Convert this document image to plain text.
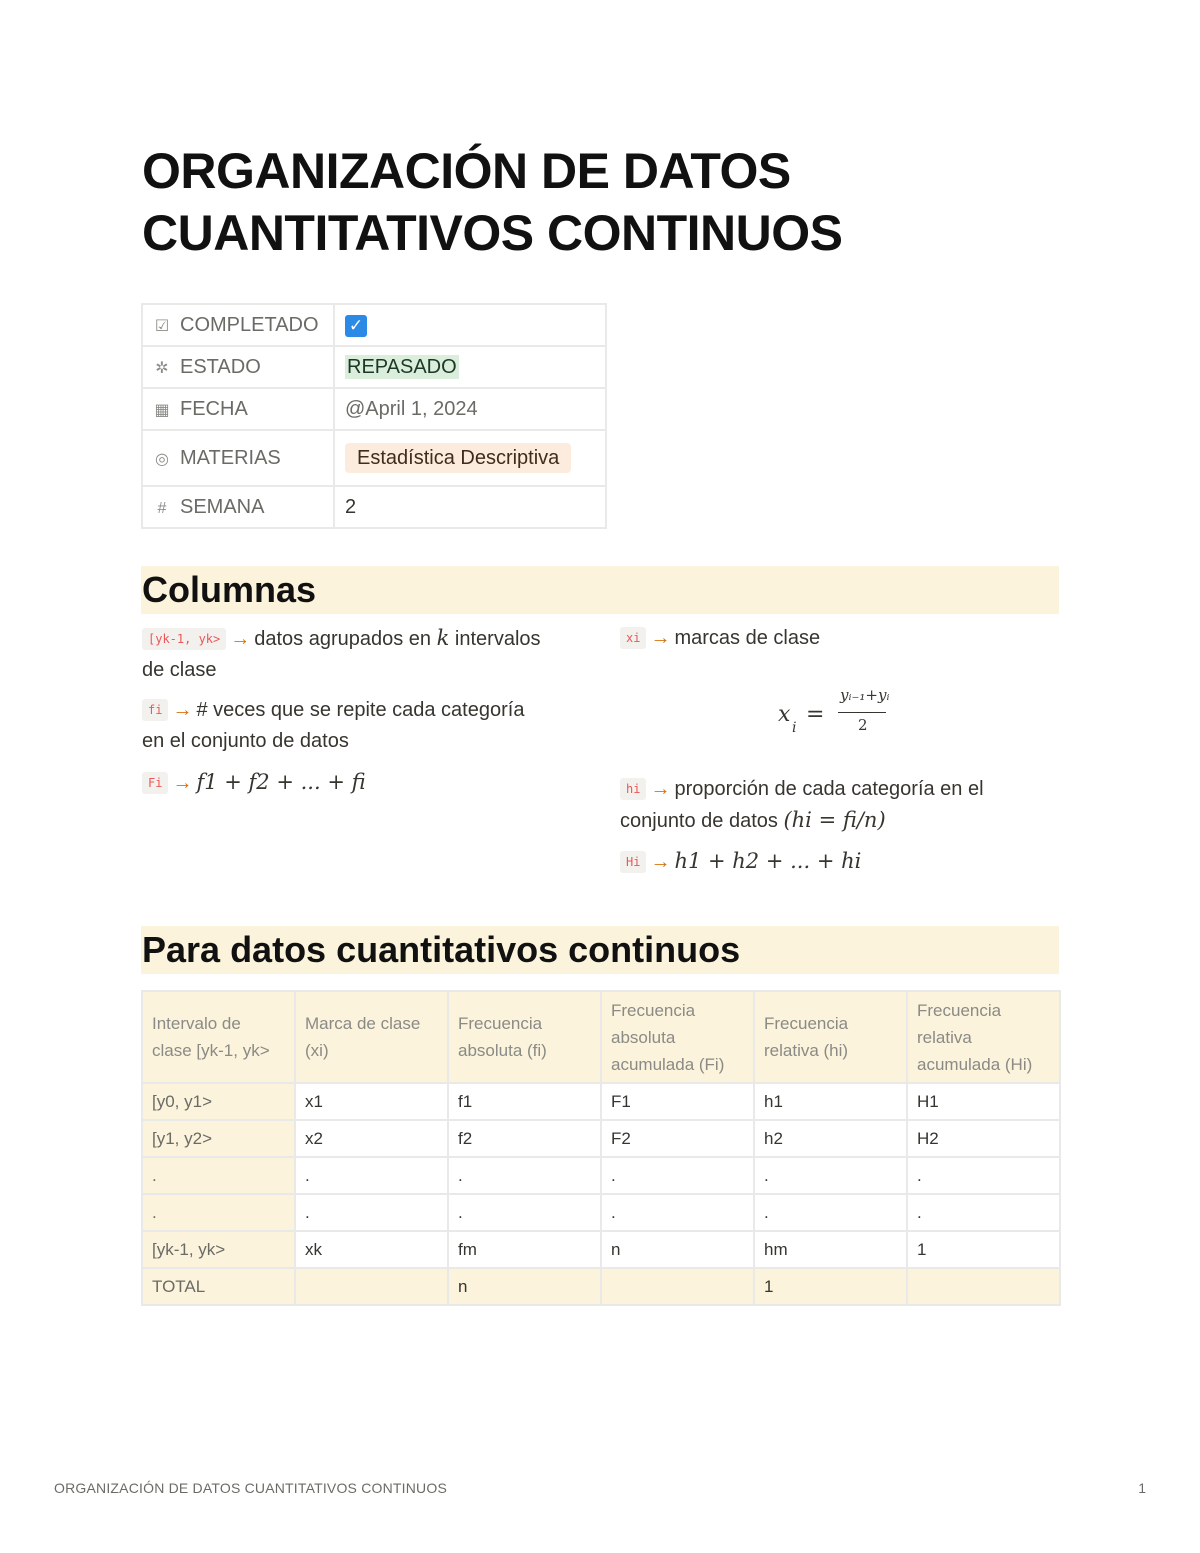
ORGANIZACIÓN DE DATOS
CUANTITATIVOS CONTINUOS
☑ COMPLETADO	✓
✲ ESTADO	REPASADO
▦ FECHA	@April 1, 2024
◎ MATERIAS	Estadística Descriptiva
# SEMANA	2
Columnas
[yk-1, yk> → datos agrupados en k intervalos
de clase
fi → # veces que se repite cada categoría
en el conjunto de datos
Fi → f1 + f2 + ... + fi
xi → marcas de clase
x
i
=
yᵢ₋₁+yᵢ
2
hi → proporción de cada categoría en el
conjunto de datos (hi = fi/n)
Hi → h1 + h2 + ... + hi
Para datos cuantitativos continuos
Intervalo de clase [yk-1, yk>	Marca de clase (xi)	Frecuencia absoluta (fi)	Frecuencia absoluta acumulada (Fi)	Frecuencia relativa (hi)	Frecuencia relativa acumulada (Hi)
[y0, y1>	x1	f1	F1	h1	H1
[y1, y2>	x2	f2	F2	h2	H2
.	.	.	.	.	.
.	.	.	.	.	.
[yk-1, yk>	xk	fm	n	hm	1
TOTAL		n		1	
ORGANIZACIÓN DE DATOS CUANTITATIVOS CONTINUOS	1
